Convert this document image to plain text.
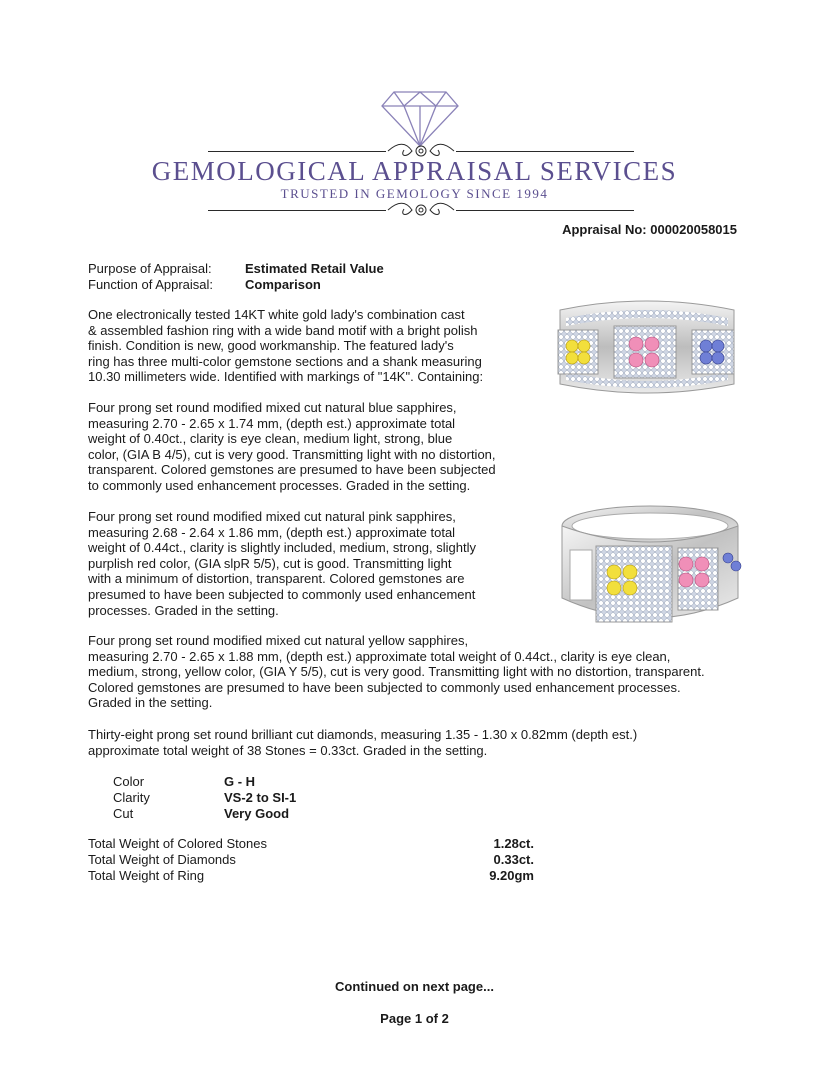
GEMOLOGICAL APPRAISAL SERVICES
TRUSTED IN GEMOLOGY SINCE 1994
Appraisal No: 000020058015
Purpose of Appraisal:	Estimated Retail Value
Function of Appraisal: Comparison
One electronically tested 14KT white gold lady's combination cast
& assembled fashion ring with a wide band motif with a bright polish
finish. Condition is new, good workmanship. The featured lady's
ring has three multi-color gemstone sections and a shank measuring
10.30 millimeters wide. Identified with markings of "14K". Containing:
Four prong set round modified mixed cut natural blue sapphires,
measuring 2.70 - 2.65 x 1.74 mm, (depth est.) approximate total
weight of 0.40ct., clarity is eye clean, medium light, strong, blue
color, (GIA B 4/5), cut is very good. Transmitting light with no distortion,
transparent. Colored gemstones are presumed to have been subjected
to commonly used enhancement processes. Graded in the setting.
Four prong set round modified mixed cut natural pink sapphires,
measuring 2.68 - 2.64 x 1.86 mm, (depth est.) approximate total
weight of 0.44ct., clarity is slightly included, medium, strong, slightly
purplish red color, (GIA slpR 5/5), cut is good. Transmitting light
with a minimum of distortion, transparent. Colored gemstones are
presumed to have been subjected to commonly used enhancement
processes. Graded in the setting.
Four prong set round modified mixed cut natural yellow sapphires,
measuring 2.70 - 2.65 x 1.88 mm, (depth est.) approximate total weight of 0.44ct., clarity is eye clean,
medium, strong, yellow color, (GIA Y 5/5), cut is very good. Transmitting light with no distortion, transparent.
Colored gemstones are presumed to have been subjected to commonly used enhancement processes.
Graded in the setting.
Thirty-eight prong set round brilliant cut diamonds, measuring 1.35 - 1.30 x 0.82mm (depth est.)
approximate total weight of 38 Stones = 0.33ct. Graded in the setting.
Color	G - H
Clarity	VS-2 to SI-1
Cut	Very Good
Total Weight of Colored Stones	1.28ct.
Total Weight of Diamonds	0.33ct.
Total Weight of Ring	9.20gm
Continued on next page...
Page 1 of 2
